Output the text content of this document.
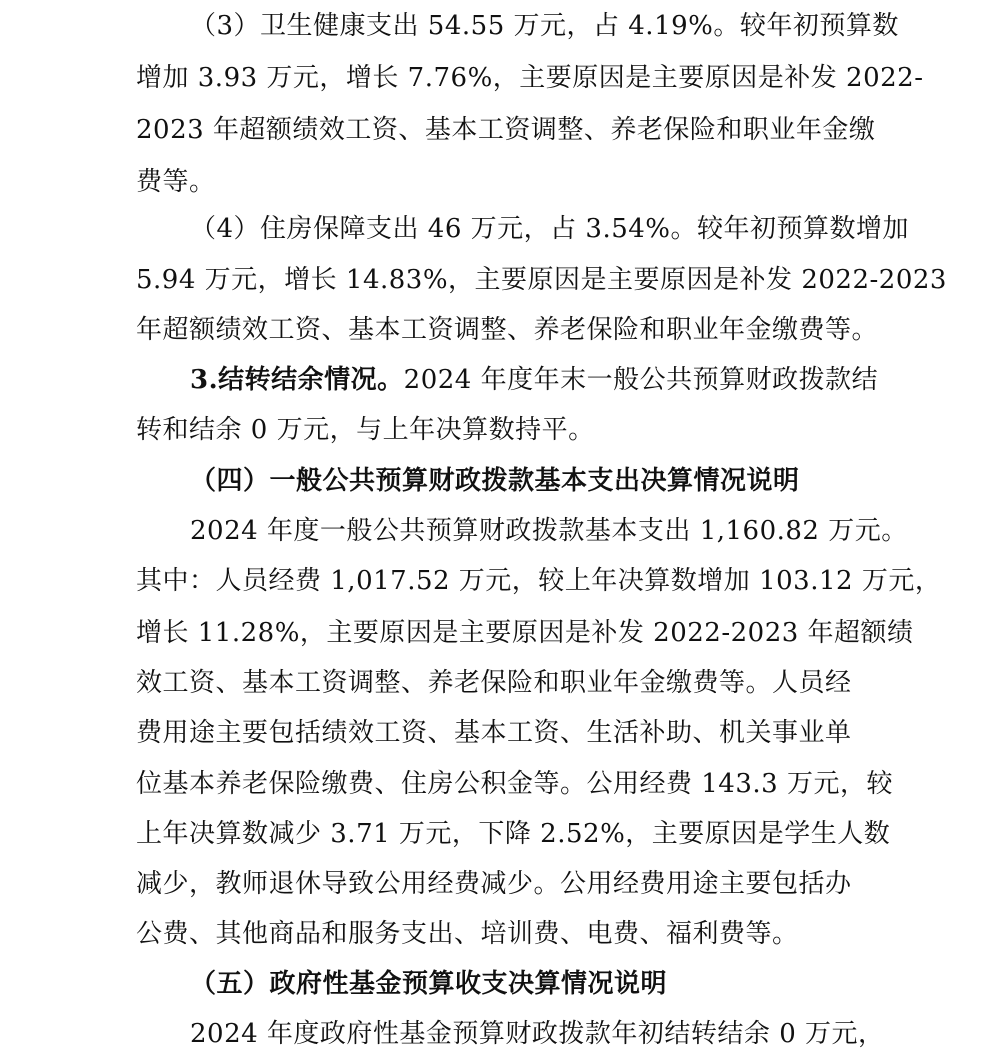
（3）卫生健康支出 54.55 万元，占 4.19%。较年初预算数
增加 3.93 万元，增长 7.76%，主要原因是主要原因是补发 2022-
2023 年超额绩效工资、基本工资调整、养老保险和职业年金缴
费等。
（4）住房保障支出 46 万元，占 3.54%。较年初预算数增加
5.94 万元，增长 14.83%，主要原因是主要原因是补发 2022-2023
年超额绩效工资、基本工资调整、养老保险和职业年金缴费等。
3.结转结余情况。2024 年度年末一般公共预算财政拨款结
转和结余 0 万元，与上年决算数持平。
（四）一般公共预算财政拨款基本支出决算情况说明
2024 年度一般公共预算财政拨款基本支出 1,160.82 万元。
其中：人员经费 1,017.52 万元，较上年决算数增加 103.12 万元，
增长 11.28%，主要原因是主要原因是补发 2022-2023 年超额绩
效工资、基本工资调整、养老保险和职业年金缴费等。人员经
费用途主要包括绩效工资、基本工资、生活补助、机关事业单
位基本养老保险缴费、住房公积金等。公用经费 143.3 万元，较
上年决算数减少 3.71 万元，下降 2.52%，主要原因是学生人数
减少，教师退休导致公用经费减少。公用经费用途主要包括办
公费、其他商品和服务支出、培训费、电费、福利费等。
（五）政府性基金预算收支决算情况说明
2024 年度政府性基金预算财政拨款年初结转结余 0 万元，
